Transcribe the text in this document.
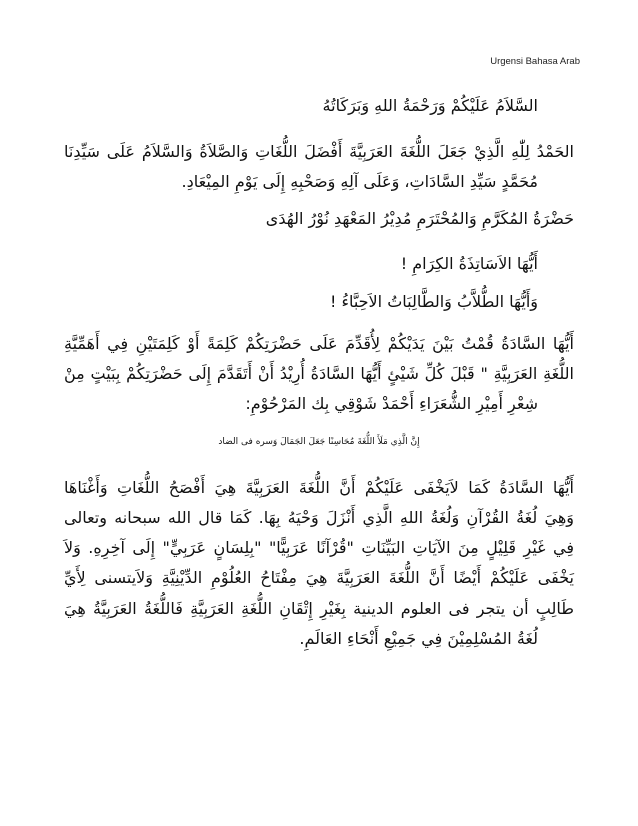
Urgensi Bahasa Arab
السَّلاَمُ عَلَيْكُمْ وَرَحْمَةُ اللهِ وَبَرَكَاتُهُ
الحَمْدُ لِلّٰهِ الَّذِيْ جَعَلَ اللُّغَةَ العَرَبِيَّةَ أَفْضَلَ اللُّغَاتِ وَالصَّلاَةُ وَالسَّلاَمُ عَلَى سَيِّدِنَا
مُحَمَّدٍ سَيِّدِ السَّادَاتِ، وَعَلَى آلِهِ وَصَحْبِهِ إِلَى يَوْمِ المِيْعَادِ.
حَضْرَةُ المُكَرَّمِ وَالمُحْتَرَمِ مُدِيْرُ المَعْهَدِ نُوْرُ الهُدَى
أَيُّهَا الاَسَاتِذَةُ الكِرَامِ !
وَأَيُّهَا الطُّلاَّبُ وَالطَّالِبَاتُ الاَحِبَّاءُ !
أَيُّهَا السَّادَةُ قُمْتُ بَيْنَ يَدَيْكُمْ لِأُقَدِّمَ عَلَى حَضْرَتِكُمْ كَلِمَةً أَوْ كَلِمَتَيْنِ فِي أَهَمِّيَّةِ
اللُّغَةِ العَرَبِيَّةِ " قَبْلَ كُلِّ شَيْئٍ أَيُّهَا السَّادَةُ أُرِيْدُ أَنْ أَتَقَدَّمَ إِلَى حَضْرَتِكُمْ بِبَيْتٍ مِنْ
شِعْرِ أَمِيْرِ الشُّعَرَاءِ أَحْمَدْ شَوْقِي بِك المَرْحُوْمِ:
إِنَّ الَّذِي مَلَأَ اللُّغَةَ مُحَاسِنًا جَعَلَ الجَمَالَ وَسره فى الضاد
أَيُّهَا السَّادَةُ كَمَا لاَيَخْفَى عَلَيْكُمْ أَنَّ اللُّغَةَ العَرَبِيَّةَ هِيَ أَفْصَحُ اللُّغَاتِ وَأَغْنَاهَا
وَهِيَ لُغَةُ القُرْآنِ وَلُغَةُ اللهِ الَّذِي أَنْزَلَ وَحْيَهُ بِهَا. كَمَا قال الله سبحانه وتعالى
فِي غَيْرِ قَلِيْلٍ مِنَ الآيَاتِ البَيِّنَاتِ "قُرْآنًا عَرَبِيًّا" "بِلِسَانٍ عَرَبِيٍّ" إِلَى آخِرِهِ. وَلاَ
يَخْفَى عَلَيْكُمْ أَيْضًا أَنَّ اللُّغَةَ العَرَبِيَّةَ هِيَ مِفْتَاحُ العُلُوْمِ الدِّيْنِيَّةِ وَلاَيتسنى لِأَيِّ
طَالِبٍ أن يتجر فى العلوم الدينية بِغَيْرِ إِتْقَانِ اللُّغَةِ العَرَبِيَّةِ فَاللُّغَةُ العَرَبِيَّةُ هِيَ
لُغَةُ المُسْلِمِيْنَ فِي جَمِيْعِ أَنْحَاءِ العَالَمِ.
